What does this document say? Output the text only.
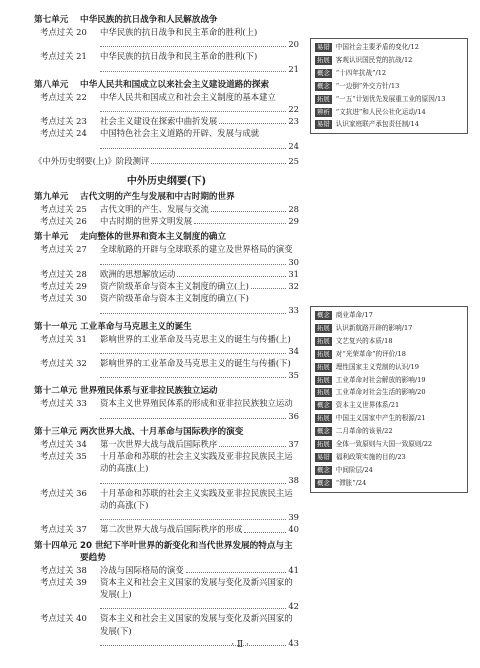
第七单元 中华民族的抗日战争和人民解放战争
考点过关 20	中华民族的抗日战争和民主革命的胜利(上)
20
考点过关 21	中华民族的抗日战争和民主革命的胜利(下)
21
第八单元 中华人民共和国成立以来社会主义建设道路的探索
考点过关 22	中华人民共和国成立和社会主义制度的基本建立
22
考点过关 23	社会主义建设在探索中曲折发展	23
考点过关 24	中国特色社会主义道路的开辟、发展与成就
24
《中外历史纲要(上)》阶段测评	25
中外历史纲要(下)
第九单元 古代文明的产生与发展和中古时期的世界
考点过关 25	古代文明的产生、发展与交流	28
考点过关 26	中古时期的世界文明发展	29
第十单元 走向整体的世界和资本主义制度的确立
考点过关 27	全球航路的开辟与全球联系的建立及世界格局的演变
30
考点过关 28	欧洲的思想解放运动	31
考点过关 29	资产阶级革命与资本主义制度的确立(上)	32
考点过关 30	资产阶级革命与资本主义制度的确立(下)
33
第十一单元 工业革命与马克思主义的诞生
考点过关 31	影响世界的工业革命及马克思主义的诞生与传播(上)
34
考点过关 32	影响世界的工业革命及马克思主义的诞生与传播(下)
35
第十二单元 世界殖民体系与亚非拉民族独立运动
考点过关 33	资本主义世界殖民体系的形成和亚非拉民族独立运动
36
第十三单元 两次世界大战、十月革命与国际秩序的演变
考点过关 34	第一次世界大战与战后国际秩序	37
考点过关 35	十月革命和苏联的社会主义实践及亚非拉民族民主运动的高涨(上)
38
考点过关 36	十月革命和苏联的社会主义实践及亚非拉民族民主运动的高涨(下)
39
考点过关 37	第二次世界大战与战后国际秩序的形成	40
第十四单元 20 世纪下半叶世界的新变化和当代世界发展的特点与主要趋势
考点过关 38	冷战与国际格局的演变	41
考点过关 39	资本主义和社会主义国家的发展与变化及新兴国家的发展(上)
42
考点过关 40	资本主义和社会主义国家的发展与变化及新兴国家的发展(下)
43
易错 中国社会主要矛盾的变化/12
拓展 客观认识国民党的抗战/12
概念 “十四年抗战”/12
概念 “一边倒”外交方针/13
拓展 “一五”计划优先发展重工业的原因/13
辨析 “文抗进”和人民公社化运动/14
易错 认识家庭联产承包责任制/14
概念 商业革命/17
拓展 认识新航路开辟的影响/17
拓展 文艺复兴的本质/18
拓展 对“光荣革命”的评价/18
拓展 理性国家主义党制的认识/19
拓展 工业革命对社会解放的影响/19
拓展 工业革命对社会生活的影响/20
概念 资本主义世界体系/21
拓展 中国主义国家中产生的根源/21
概念 二月革命的该景/22
拓展 全体一致原则与大国一致原则/22
易错 福利政策实施的目的/23
概念 中间阶层/24
概念 “滞胀”/24
· Ⅱ ·
